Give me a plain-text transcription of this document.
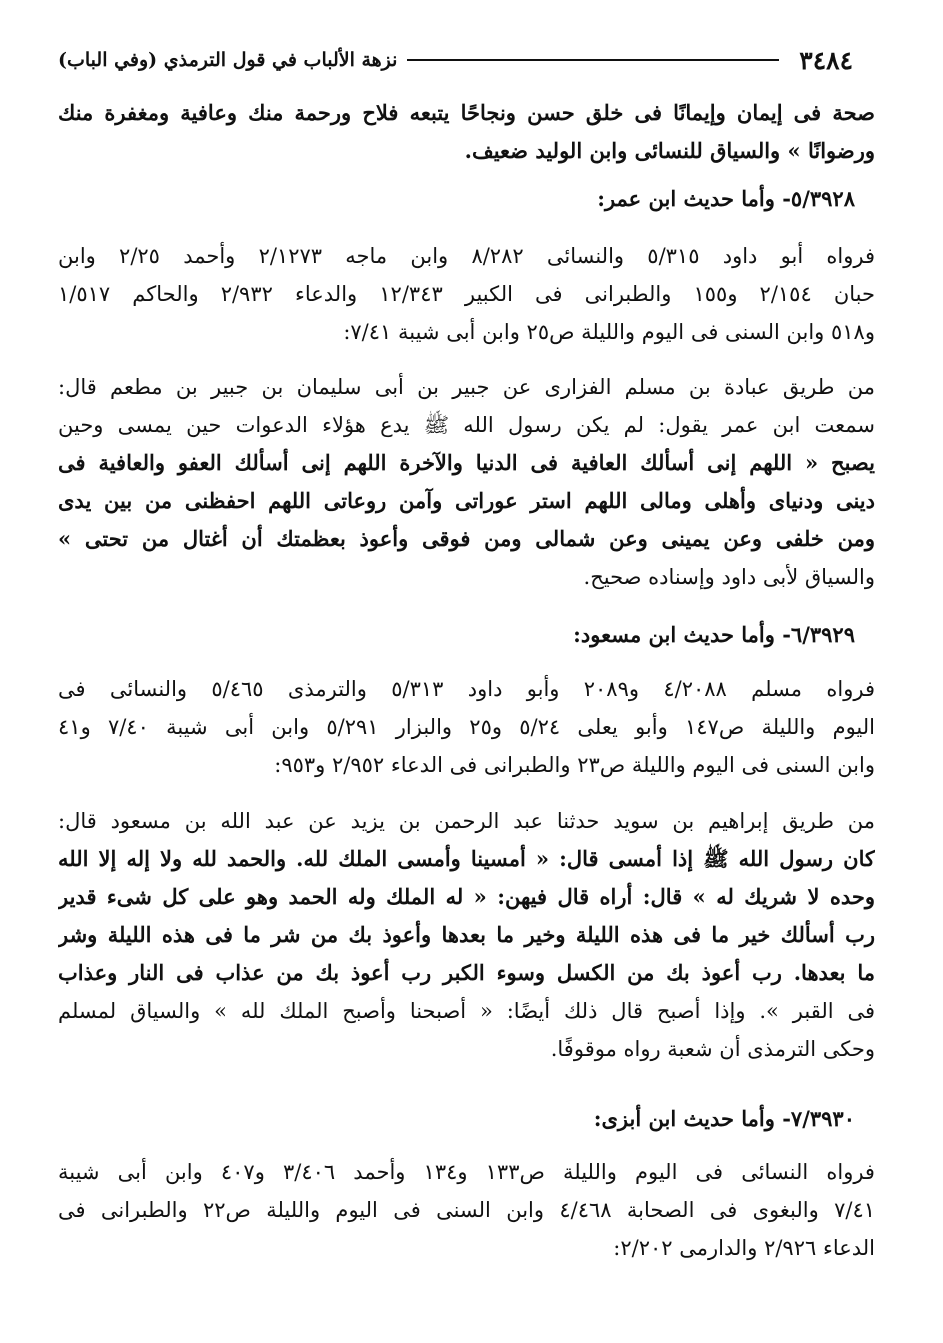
٣٤٨٤
نزهة الألباب في قول الترمذي (وفي الباب)
صحة فى إيمان وإيمانًا فى خلق حسن ونجاحًا يتبعه فلاح ورحمة منك وعافية ومغفرة منك
ورضوانًا » والسياق للنسائى وابن الوليد ضعيف.
٥/٣٩٢٨- وأما حديث ابن عمر:
فرواه أبو داود ٥/٣١٥ والنسائى ٨/٢٨٢ وابن ماجه ٢/١٢٧٣ وأحمد ٢/٢٥ وابن
حبان ٢/١٥٤ و١٥٥ والطبرانى فى الكبير ١٢/٣٤٣ والدعاء ٢/٩٣٢ والحاكم ١/٥١٧
و٥١٨ وابن السنى فى اليوم والليلة ص٢٥ وابن أبى شيبة ٧/٤١:
من طريق عبادة بن مسلم الفزارى عن جبير بن أبى سليمان بن جبير بن مطعم قال:
سمعت ابن عمر يقول: لم يكن رسول الله ﷺ يدع هؤلاء الدعوات حين يمسى وحين
يصبح « اللهم إنى أسألك العافية فى الدنيا والآخرة اللهم إنى أسألك العفو والعافية فى
دينى ودنياى وأهلى ومالى اللهم استر عوراتى وآمن روعاتى اللهم احفظنى من بين يدى
ومن خلفى وعن يمينى وعن شمالى ومن فوقى وأعوذ بعظمتك أن أغتال من تحتى »
والسياق لأبى داود وإسناده صحيح.
٦/٣٩٢٩- وأما حديث ابن مسعود:
فرواه مسلم ٤/٢٠٨٨ و٢٠٨٩ وأبو داود ٥/٣١٣ والترمذى ٥/٤٦٥ والنسائى فى
اليوم والليلة ص١٤٧ وأبو يعلى ٥/٢٤ و٢٥ والبزار ٥/٢٩١ وابن أبى شيبة ٧/٤٠ و٤١
وابن السنى فى اليوم والليلة ص٢٣ والطبرانى فى الدعاء ٢/٩٥٢ و٩٥٣:
من طريق إبراهيم بن سويد حدثنا عبد الرحمن بن يزيد عن عبد الله بن مسعود قال:
كان رسول الله ﷺ إذا أمسى قال: « أمسينا وأمسى الملك لله. والحمد لله ولا إله إلا الله
وحده لا شريك له » قال: أراه قال فيهن: « له الملك وله الحمد وهو على كل شىء قدير
رب أسألك خير ما فى هذه الليلة وخير ما بعدها وأعوذ بك من شر ما فى هذه الليلة وشر
ما بعدها. رب أعوذ بك من الكسل وسوء الكبر رب أعوذ بك من عذاب فى النار وعذاب
فى القبر ». وإذا أصبح قال ذلك أيضًا: « أصبحنا وأصبح الملك لله » والسياق لمسلم
وحكى الترمذى أن شعبة رواه موقوفًا.
٧/٣٩٣٠- وأما حديث ابن أبزى:
فرواه النسائى فى اليوم والليلة ص١٣٣ و١٣٤ وأحمد ٣/٤٠٦ و٤٠٧ وابن أبى شيبة
٧/٤١ والبغوى فى الصحابة ٤/٤٦٨ وابن السنى فى اليوم والليلة ص٢٢ والطبرانى فى
الدعاء ٢/٩٢٦ والدارمى ٢/٢٠٢:
